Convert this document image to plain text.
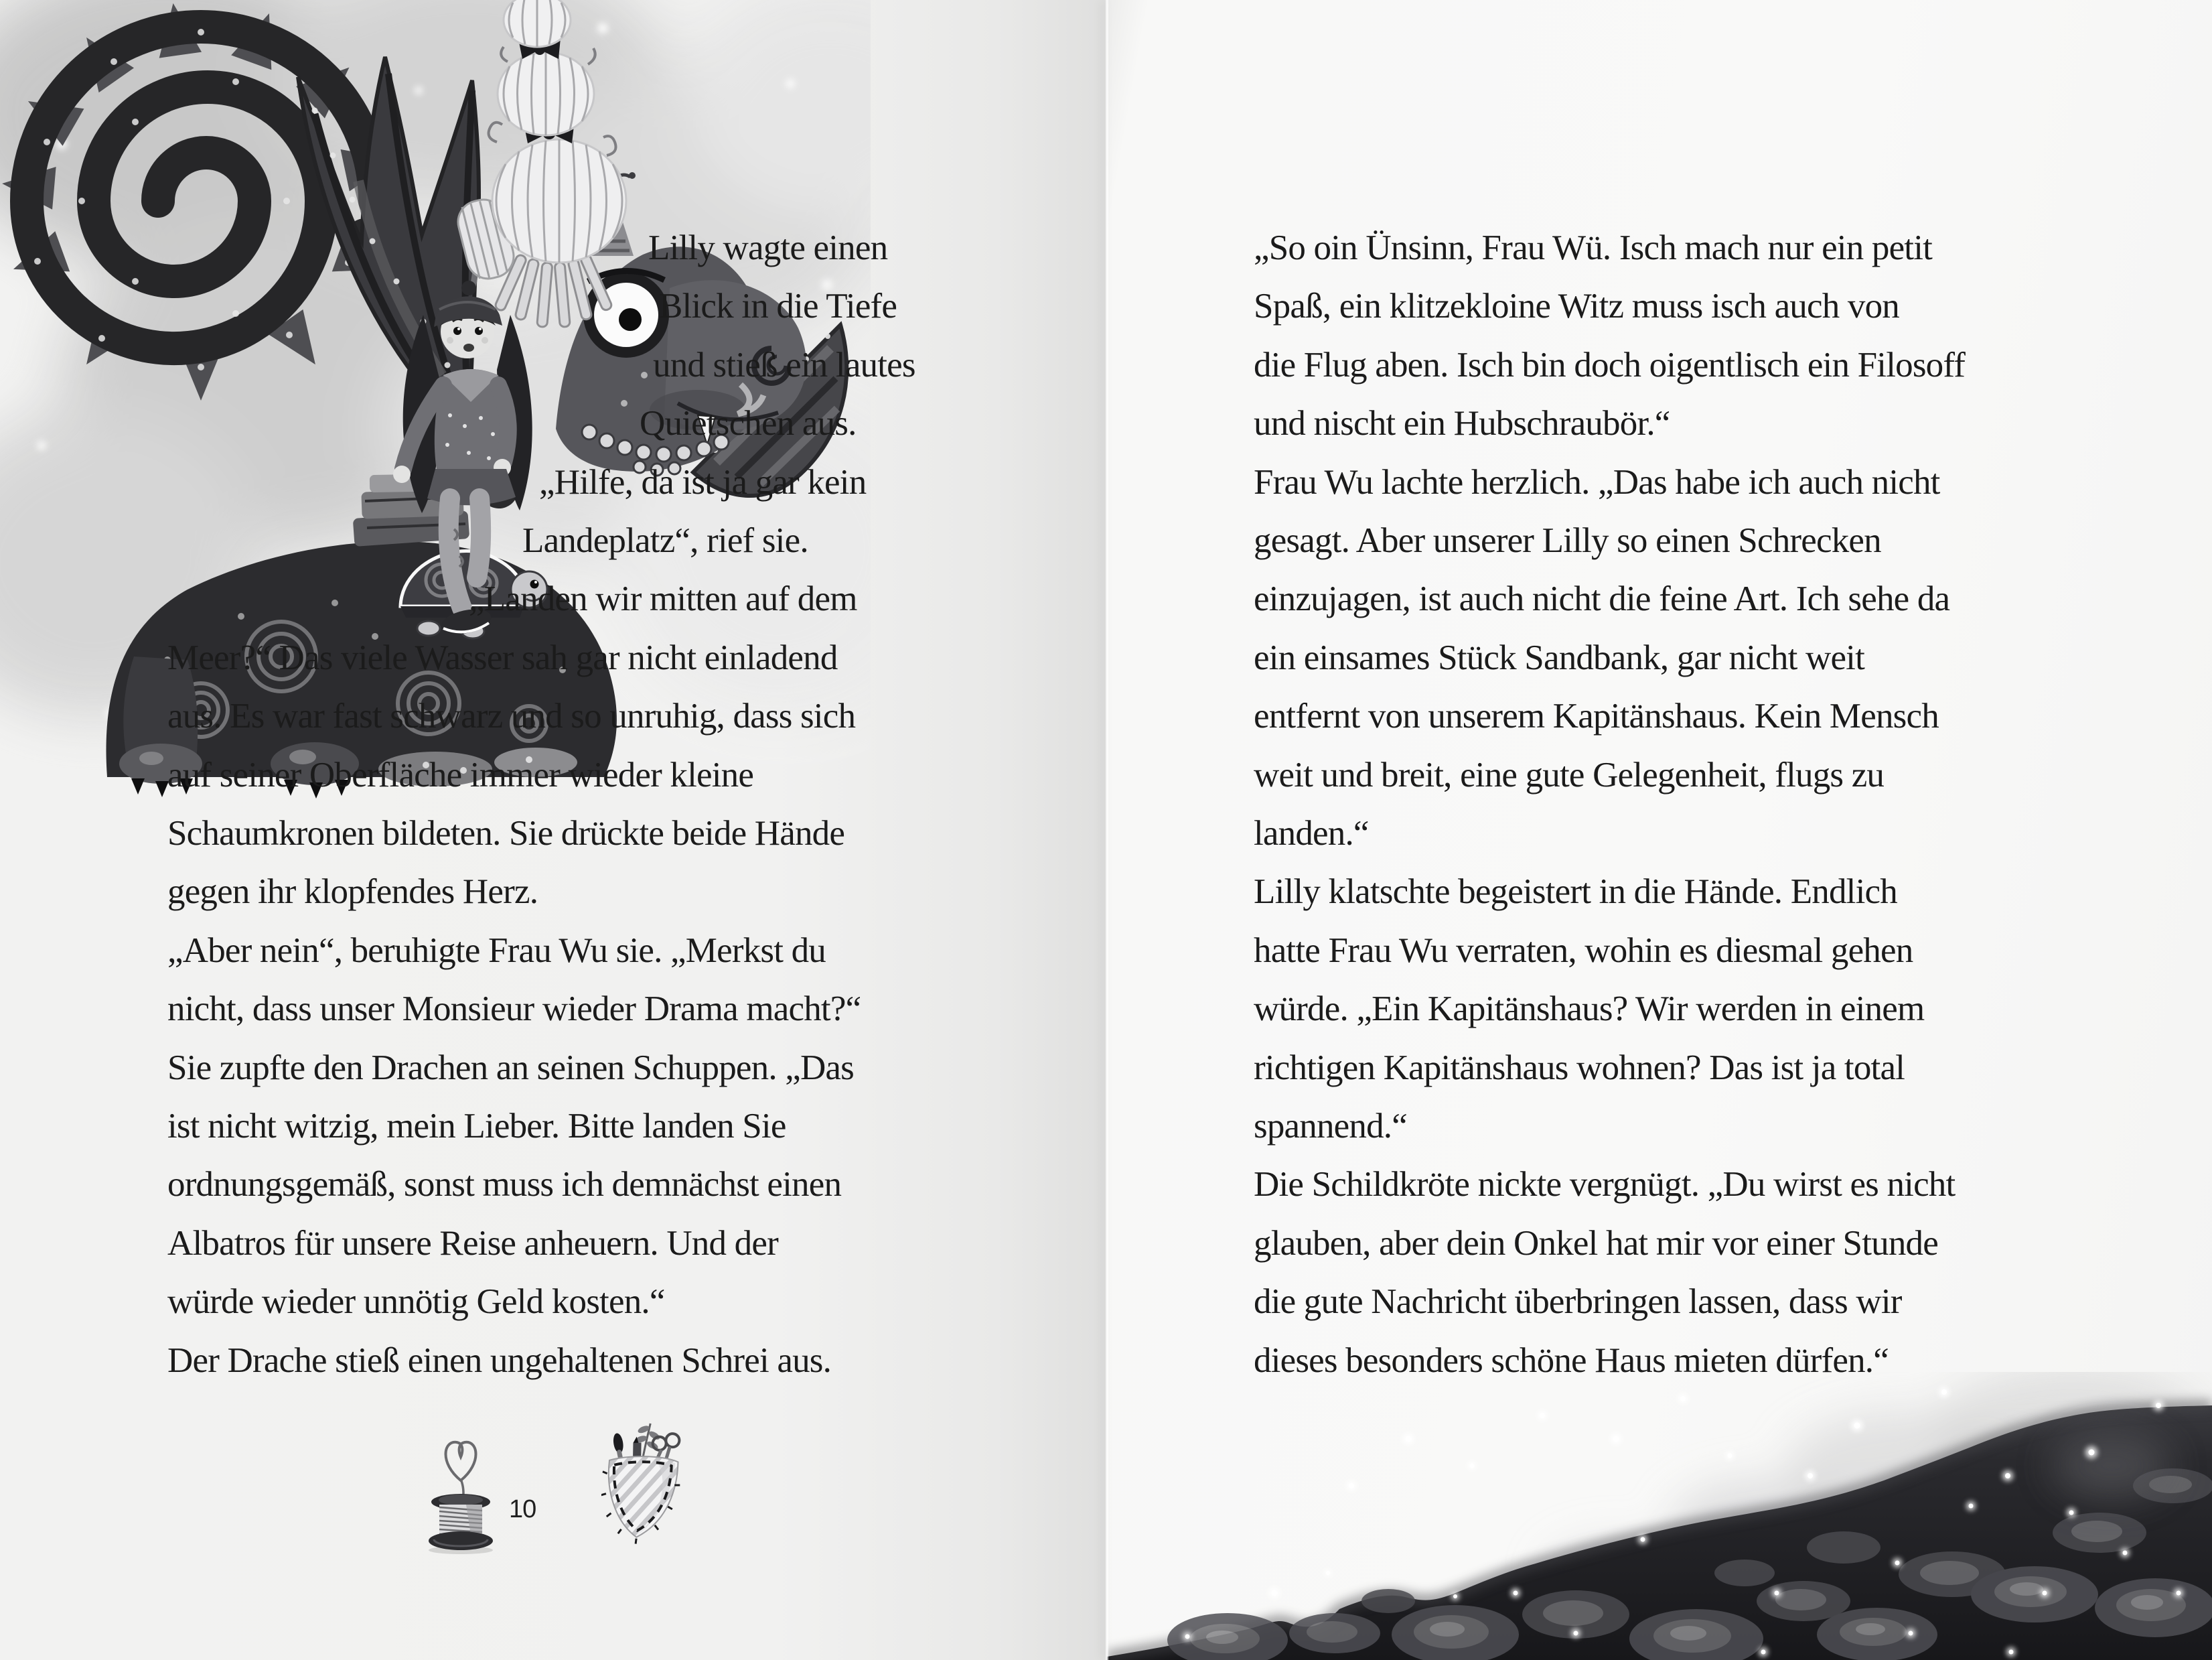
Lilly wagte einen
Blick in die Tiefe
und stieß ein lautes
Quietschen aus.
„Hilfe, da ist ja gar kein
Landeplatz“, rief sie.
„Landen wir mitten auf dem
Meer?“ Das viele Wasser sah gar nicht einladend
aus. Es war fast schwarz und so unruhig, dass sich
auf seiner Oberfläche immer wieder kleine
Schaumkronen bildeten. Sie drückte beide Hände
gegen ihr klopfendes Herz.
„Aber nein“, beruhigte Frau Wu sie. „Merkst du
nicht, dass unser Monsieur wieder Drama macht?“
Sie zupfte den Drachen an seinen Schuppen. „Das
ist nicht witzig, mein Lieber. Bitte landen Sie
ordnungsgemäß, sonst muss ich demnächst einen
Albatros für unsere Reise anheuern. Und der
würde wieder unnötig Geld kosten.“
Der Drache stieß einen ungehaltenen Schrei aus.
10
„So oin Ünsinn, Frau Wü. Isch mach nur ein petit
Spaß, ein klitzekloine Witz muss isch auch von
die Flug aben. Isch bin doch oigentlisch ein Filosoff
und nischt ein Hubschraubör.“
Frau Wu lachte herzlich. „Das habe ich auch nicht
gesagt. Aber unserer Lilly so einen Schrecken
einzujagen, ist auch nicht die feine Art. Ich sehe da
ein einsames Stück Sandbank, gar nicht weit
entfernt von unserem Kapitänshaus. Kein Mensch
weit und breit, eine gute Gelegenheit, flugs zu
landen.“
Lilly klatschte begeistert in die Hände. Endlich
hatte Frau Wu verraten, wohin es diesmal gehen
würde. „Ein Kapitänshaus? Wir werden in einem
richtigen Kapitänshaus wohnen? Das ist ja total
spannend.“
Die Schildkröte nickte vergnügt. „Du wirst es nicht
glauben, aber dein Onkel hat mir vor einer Stunde
die gute Nachricht überbringen lassen, dass wir
dieses besonders schöne Haus mieten dürfen.“
